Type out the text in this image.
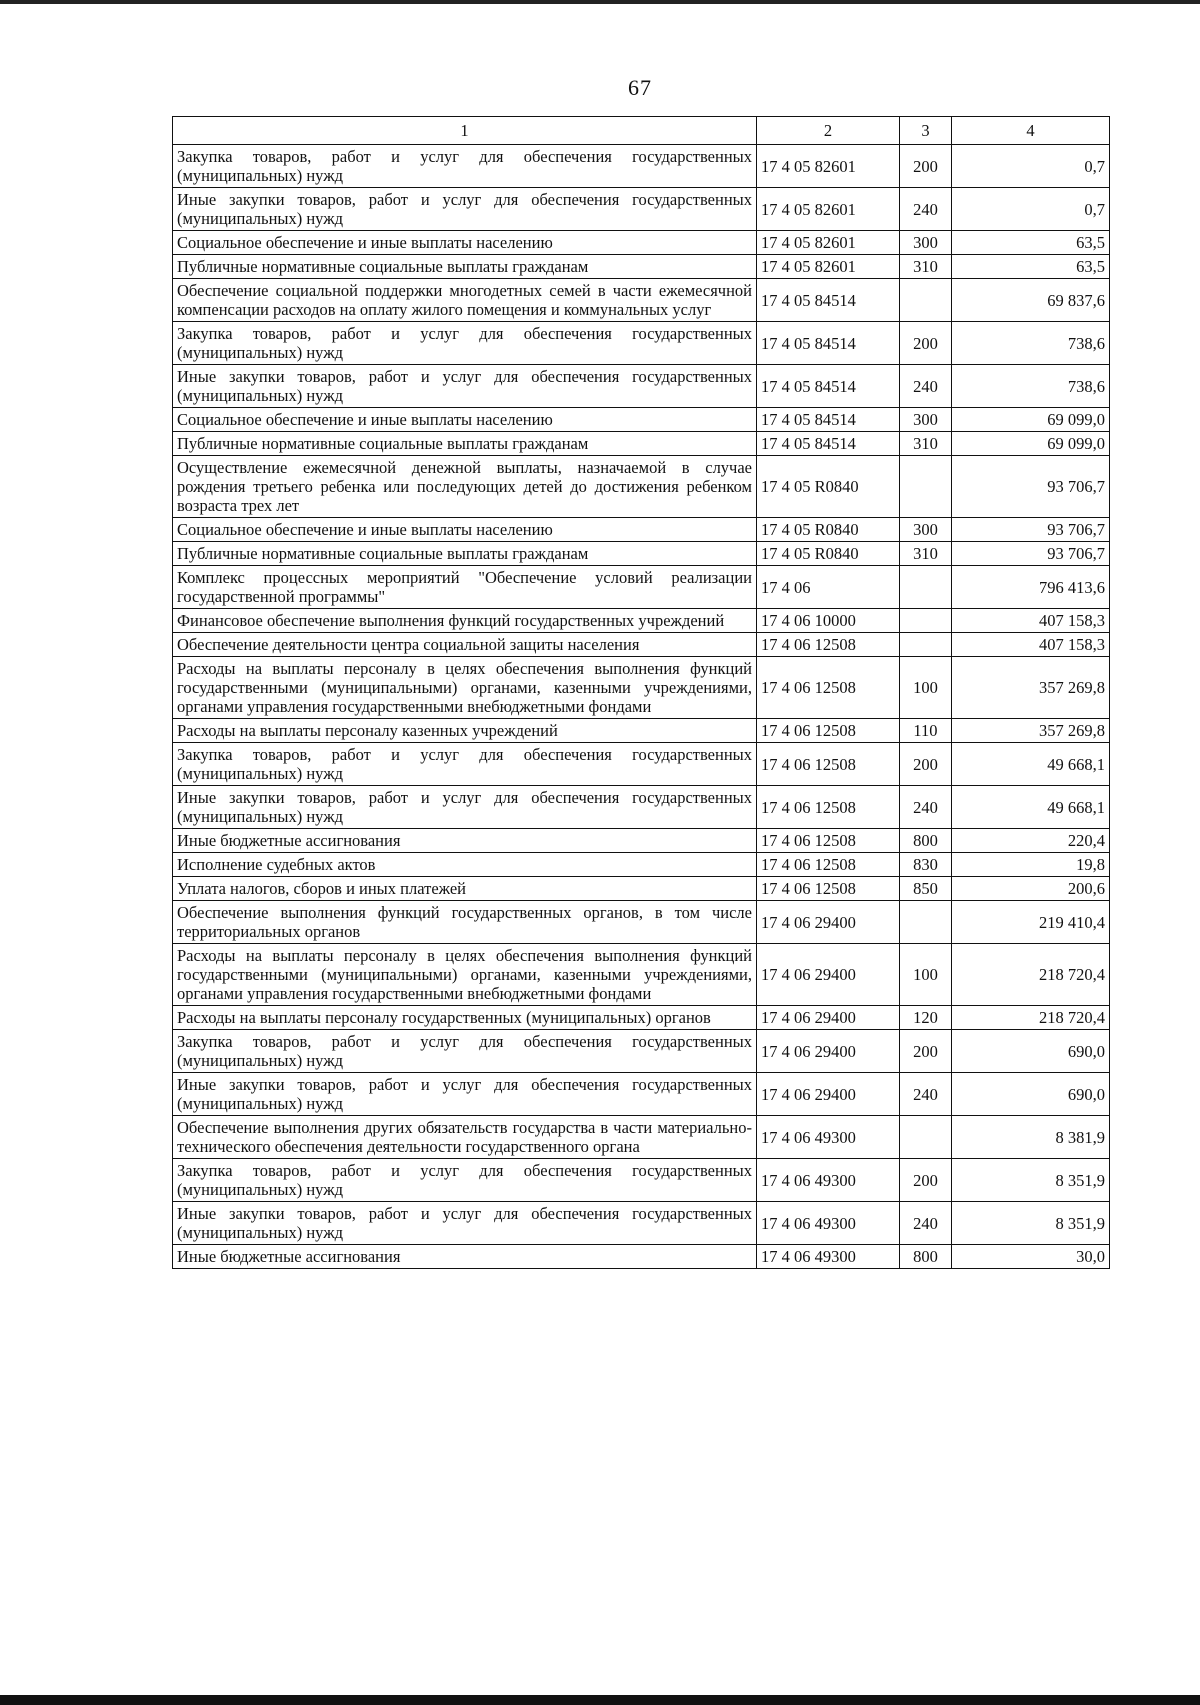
67
1	2	3	4
Закупка товаров, работ и услуг для обеспечения государственных (муниципальных) нужд	17 4 05 82601	200	0,7
Иные закупки товаров, работ и услуг для обеспечения государственных (муниципальных) нужд	17 4 05 82601	240	0,7
Социальное обеспечение и иные выплаты населению	17 4 05 82601	300	63,5
Публичные нормативные социальные выплаты гражданам	17 4 05 82601	310	63,5
Обеспечение социальной поддержки многодетных семей в части ежемесячной компенсации расходов на оплату жилого помещения и коммунальных услуг	17 4 05 84514		69 837,6
Закупка товаров, работ и услуг для обеспечения государственных (муниципальных) нужд	17 4 05 84514	200	738,6
Иные закупки товаров, работ и услуг для обеспечения государственных (муниципальных) нужд	17 4 05 84514	240	738,6
Социальное обеспечение и иные выплаты населению	17 4 05 84514	300	69 099,0
Публичные нормативные социальные выплаты гражданам	17 4 05 84514	310	69 099,0
Осуществление ежемесячной денежной выплаты, назначаемой в случае рождения третьего ребенка или последующих детей до достижения ребенком возраста трех лет	17 4 05 R0840		93 706,7
Социальное обеспечение и иные выплаты населению	17 4 05 R0840	300	93 706,7
Публичные нормативные социальные выплаты гражданам	17 4 05 R0840	310	93 706,7
Комплекс процессных мероприятий "Обеспечение условий реализации государственной программы"	17 4 06		796 413,6
Финансовое обеспечение выполнения функций государственных учреждений	17 4 06 10000		407 158,3
Обеспечение деятельности центра социальной защиты населения	17 4 06 12508		407 158,3
Расходы на выплаты персоналу в целях обеспечения выполнения функций государственными (муниципальными) органами, казенными учреждениями, органами управления государственными внебюджетными фондами	17 4 06 12508	100	357 269,8
Расходы на выплаты персоналу казенных учреждений	17 4 06 12508	110	357 269,8
Закупка товаров, работ и услуг для обеспечения государственных (муниципальных) нужд	17 4 06 12508	200	49 668,1
Иные закупки товаров, работ и услуг для обеспечения государственных (муниципальных) нужд	17 4 06 12508	240	49 668,1
Иные бюджетные ассигнования	17 4 06 12508	800	220,4
Исполнение судебных актов	17 4 06 12508	830	19,8
Уплата налогов, сборов и иных платежей	17 4 06 12508	850	200,6
Обеспечение выполнения функций государственных органов, в том числе территориальных органов	17 4 06 29400		219 410,4
Расходы на выплаты персоналу в целях обеспечения выполнения функций государственными (муниципальными) органами, казенными учреждениями, органами управления государственными внебюджетными фондами	17 4 06 29400	100	218 720,4
Расходы на выплаты персоналу государственных (муниципальных) органов	17 4 06 29400	120	218 720,4
Закупка товаров, работ и услуг для обеспечения государственных (муниципальных) нужд	17 4 06 29400	200	690,0
Иные закупки товаров, работ и услуг для обеспечения государственных (муниципальных) нужд	17 4 06 29400	240	690,0
Обеспечение выполнения других обязательств государства в части материально-технического обеспечения деятельности государственного органа	17 4 06 49300		8 381,9
Закупка товаров, работ и услуг для обеспечения государственных (муниципальных) нужд	17 4 06 49300	200	8 351,9
Иные закупки товаров, работ и услуг для обеспечения государственных (муниципальных) нужд	17 4 06 49300	240	8 351,9
Иные бюджетные ассигнования	17 4 06 49300	800	30,0
